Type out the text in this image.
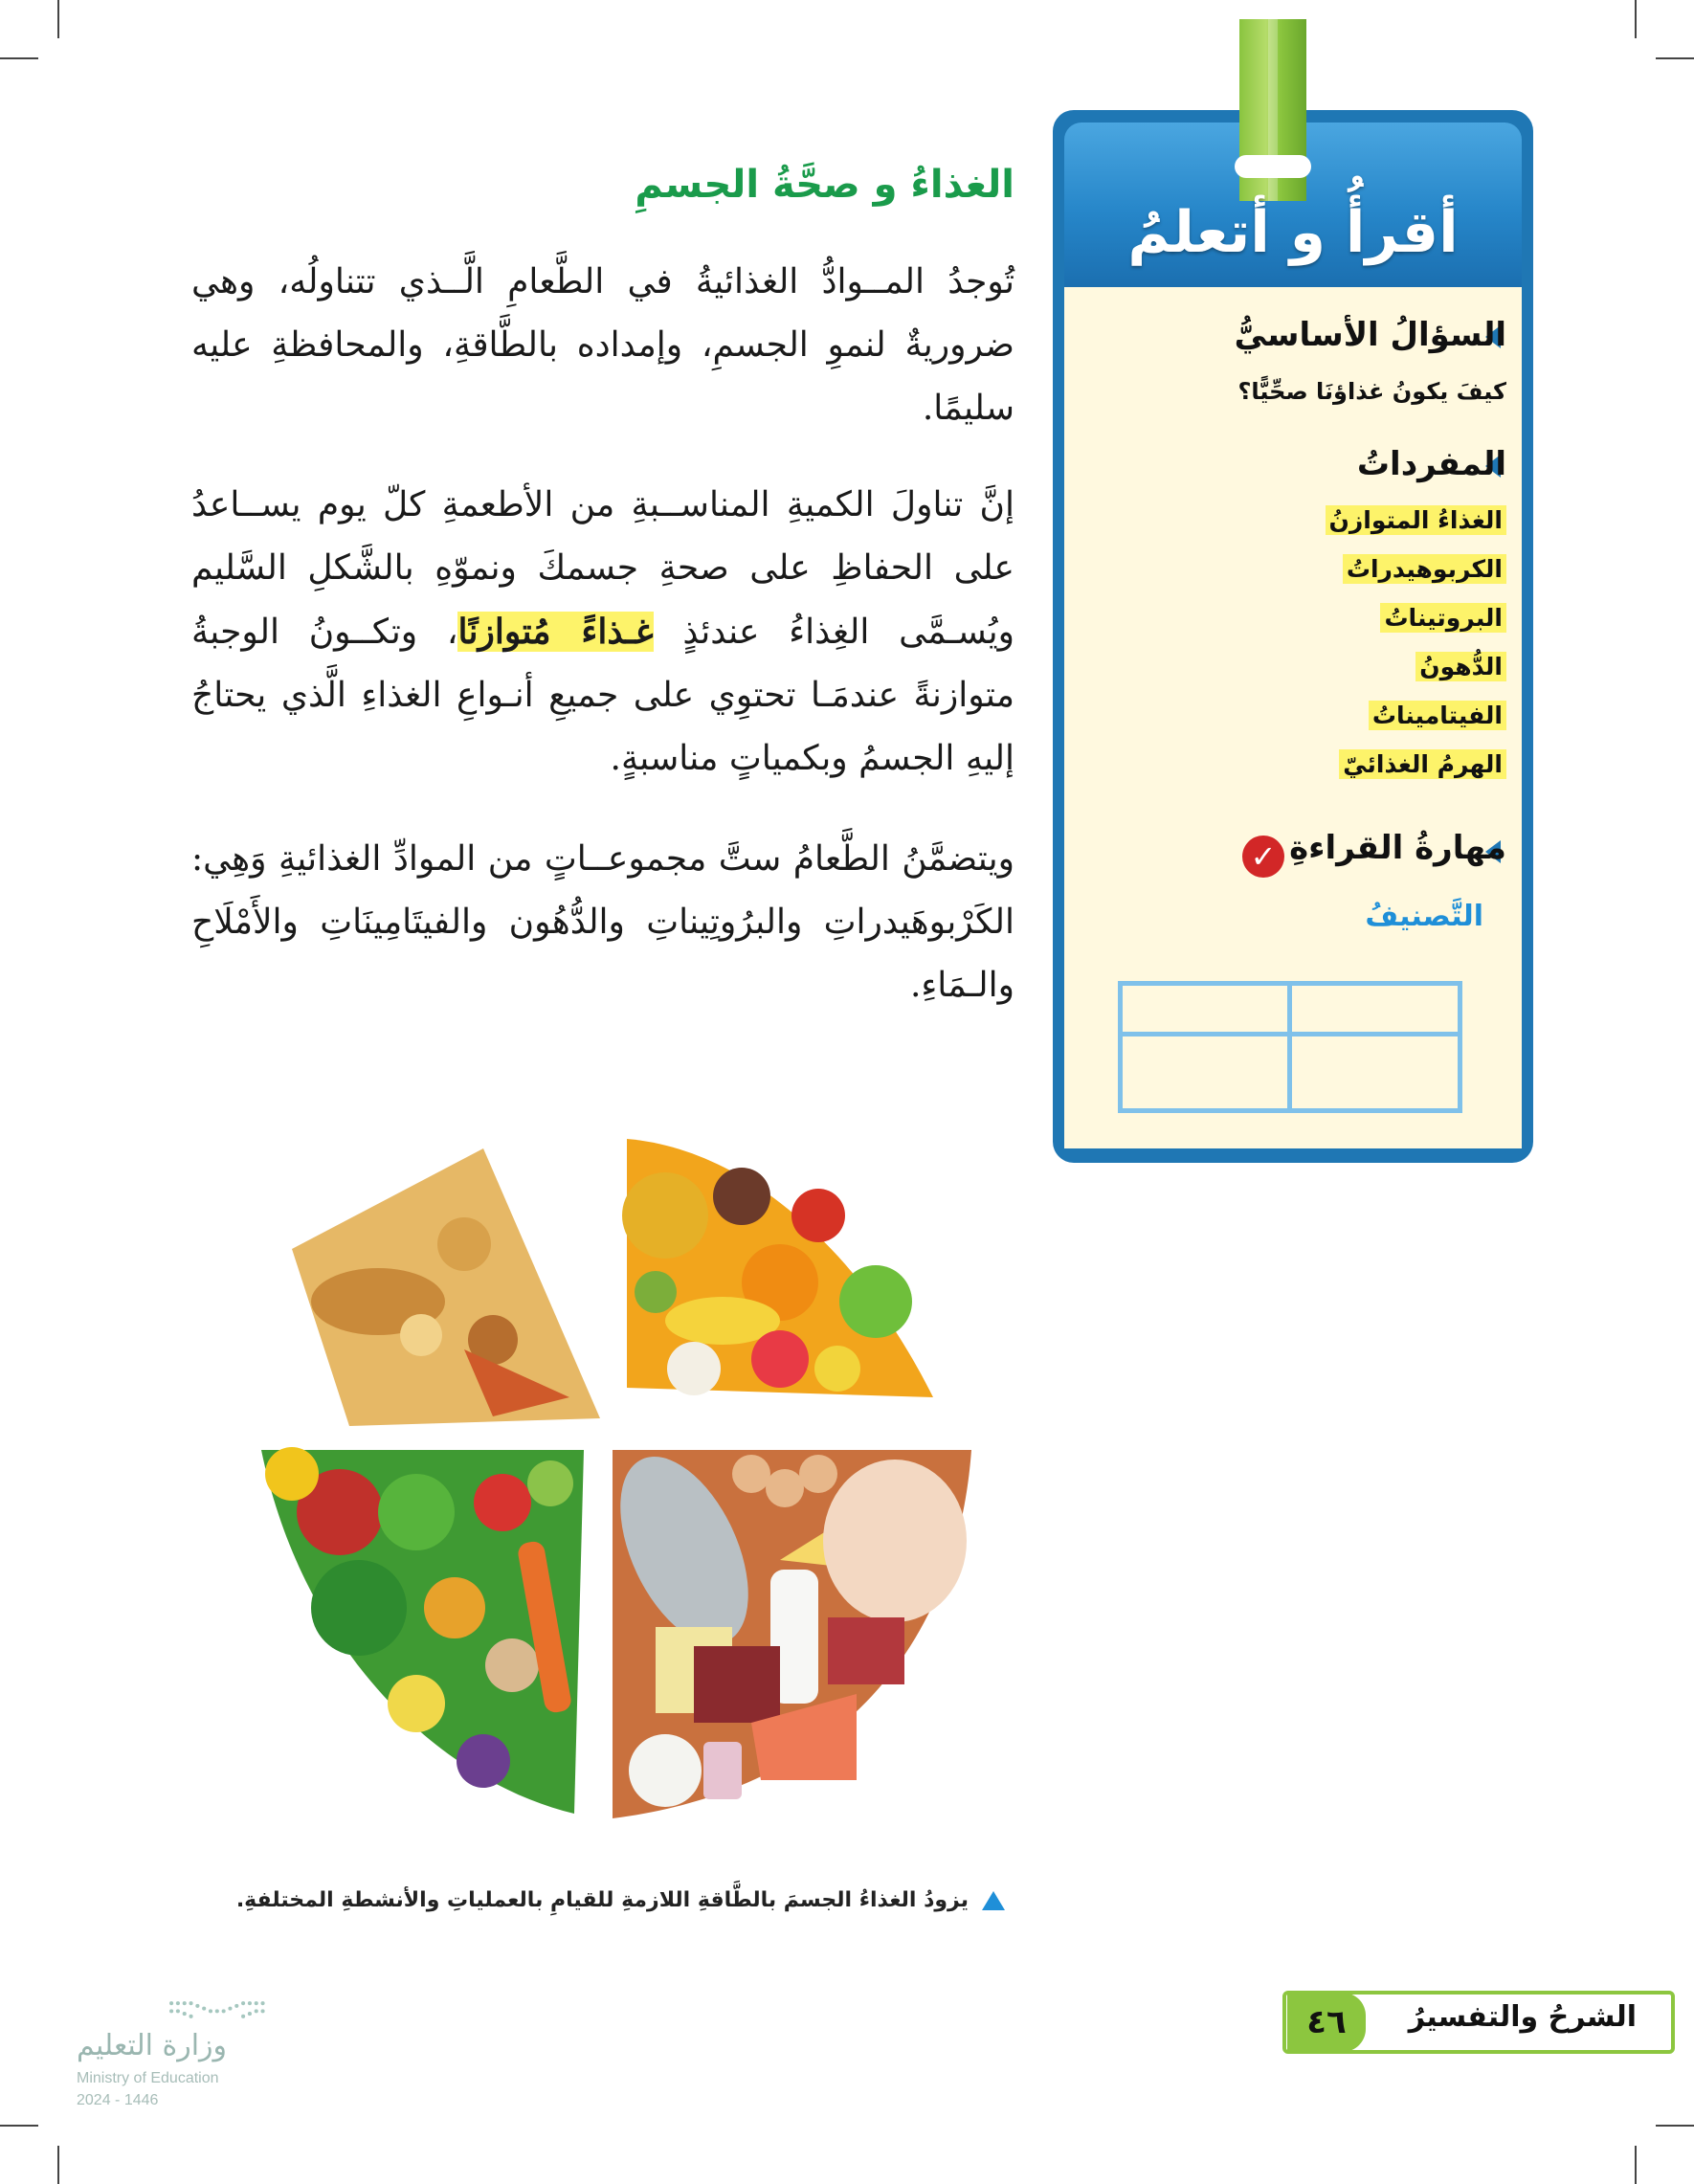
أقرأُ و أتعلمُ
السؤالُ الأساسيُّ
كيفَ يكونُ غذاؤنَا صحِّيًّا؟
المفرداتُ
الغذاءُ المتوازنُ
الكربوهيدراتُ
البروتيناتُ
الدُّهونُ
الفيتاميناتُ
الهرمُ الغذائيّ
مهارةُ القراءةِ
✓
التَّصنيفُ
الغذاءُ و صحَّةُ الجسمِ
تُوجدُ المــوادُّ الغذائيةُ في الطَّعامِ الَّــذي تتناولُه، وهي ضروريةٌ لنموِ الجسمِ، وإمداده بالطَّاقةِ، والمحافظةِ عليه سليمًا.
إنَّ تناولَ الكميةِ المناســبةِ من الأطعمةِ كلّ يوم يســاعدُ على الحفاظِ على صحةِ جسمكَ ونموّهِ بالشَّكلِ السَّليم ويُسـمَّى الغِذاءُ عندئذٍ غـذاءً مُتوازنًا، وتكــونُ الوجبةُ متوازنةً عندمَـا تحتوِي على جميعِ أنـواعِ الغذاءِ الَّذي يحتاجُ إليهِ الجسمُ وبكمياتٍ مناسبةٍ.
ويتضمَّنُ الطَّعامُ ستَّ مجموعــاتٍ من الموادِّ الغذائيةِ وَهِي: الكَرْبوهَيدراتِ والبرُوتِيناتِ والدُّهُون والفيتَامِينَاتِ والأَمْلَاحِ والـمَاءِ.
يزودُ الغذاءُ الجسمَ بالطَّاقةِ اللازمةِ للقيامِ بالعملياتِ والأنشطةِ المختلفةِ.
الشرحُ والتفسيرُ
٤٦
وزارة التعليم
Ministry of Education
2024 - 1446
